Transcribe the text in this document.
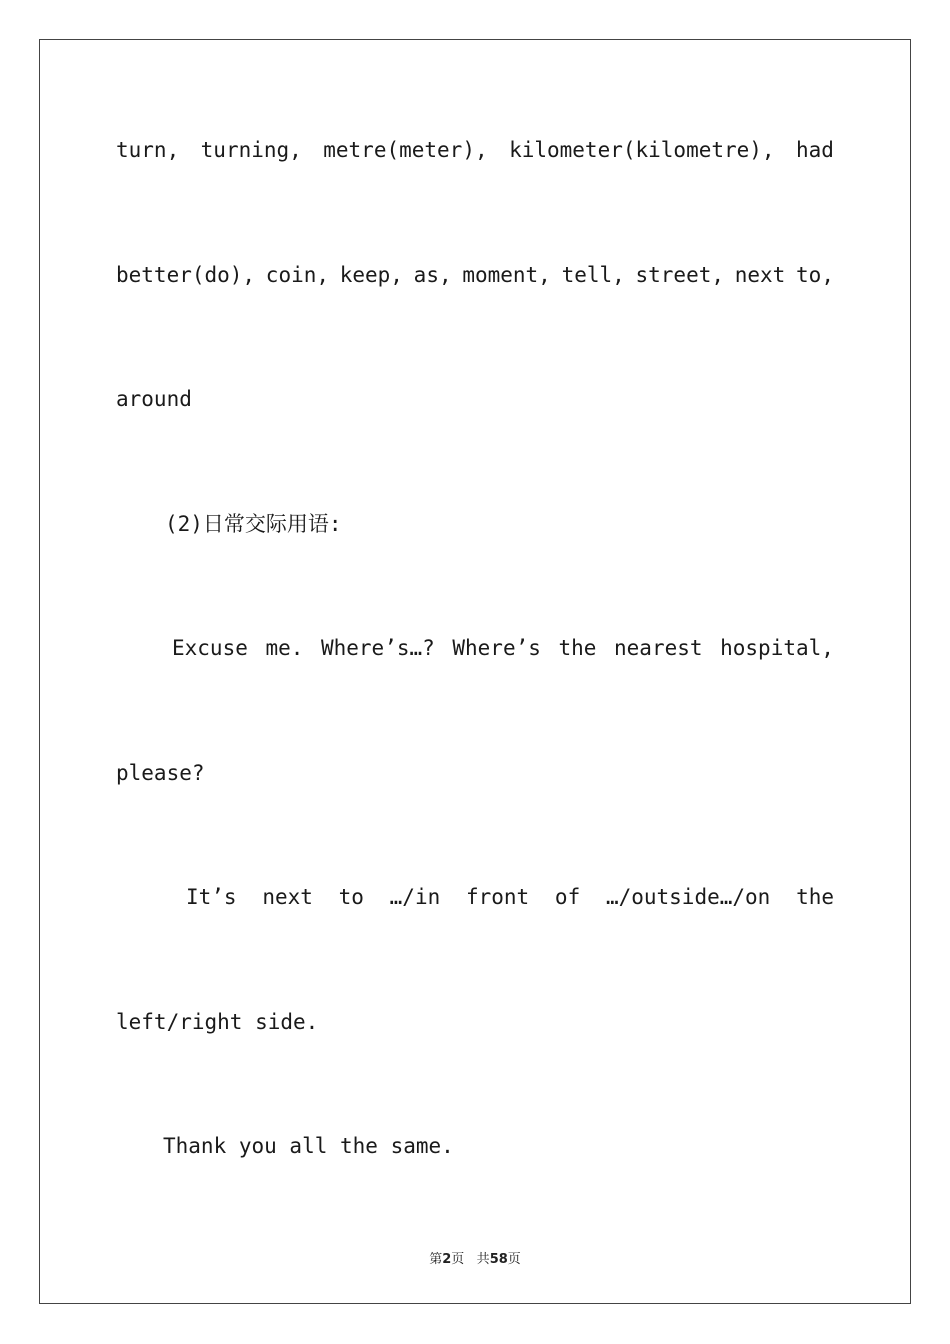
turn, turning, metre(meter), kilometer(kilometre), had
better(do), coin, keep, as, moment, tell, street, next to,
around
(2)日常交际用语:
Excuse me. Where’s…? Where’s the nearest hospital,
please?
It’s next to …/in front of …/outside…/on the
left/right side.
Thank you all the same.
第2页 共58页
